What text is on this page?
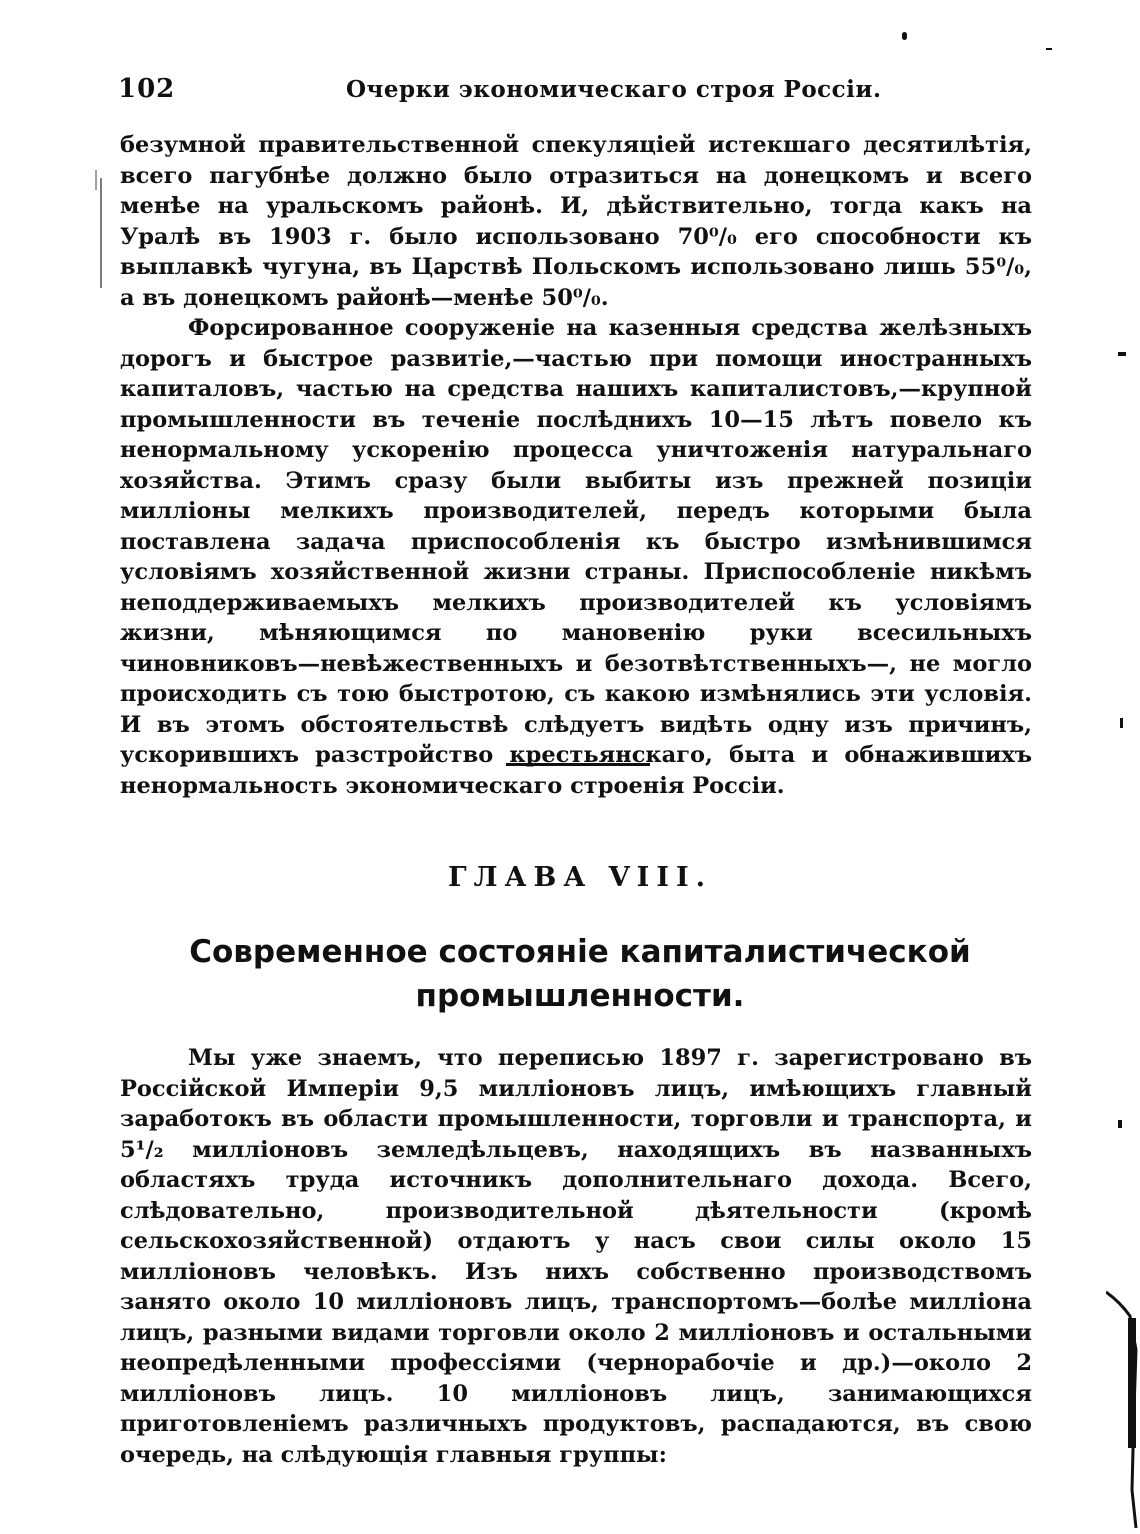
102	Очерки экономическаго строя Россіи.

безумной правительственной спекуляціей истекшаго десятилѣтія, всего пагубнѣе должно было отразиться на донецкомъ и всего менѣе на уральскомъ районѣ. И, дѣйствительно, тогда какъ на Уралѣ въ 1903 г. было использовано 70⁰/₀ его способности къ выплавкѣ чугуна, въ Царствѣ Польскомъ использовано лишь 55⁰/₀, а въ донецкомъ районѣ—менѣе 50⁰/₀.

Форсированное сооруженіе на казенныя средства желѣзныхъ дорогъ и быстрое развитіе,—частью при помощи иностранныхъ капиталовъ, частью на средства нашихъ капиталистовъ,—крупной промышленности въ теченіе послѣднихъ 10—15 лѣтъ повело къ ненормальному ускоренію процесса уничтоженія натуральнаго хозяйства. Этимъ сразу были выбиты изъ прежней позиціи милліоны мелкихъ производителей, передъ которыми была поставлена задача приспособленія къ быстро измѣнившимся условіямъ хозяйственной жизни страны. Приспособленіе никѣмъ неподдерживаемыхъ мелкихъ производителей къ условіямъ жизни, мѣняющимся по мановенію руки всесильныхъ чиновниковъ—невѣжественныхъ и безотвѣтственныхъ—, не могло происходить съ тою быстротою, съ какою измѣнялись эти условія. И въ этомъ обстоятельствѣ слѣдуетъ видѣть одну изъ причинъ, ускорившихъ разстройство крестьянскаго, быта и обнажившихъ ненормальность экономическаго строенія Россіи.

ГЛАВА VIII.
Современное состояніе капиталистической промышленности.

Мы уже знаемъ, что переписью 1897 г. зарегистровано въ Россійской Имперіи 9,5 милліоновъ лицъ, имѣющихъ главный заработокъ въ области промышленности, торговли и транспорта, и 5¹/₂ милліоновъ земледѣльцевъ, находящихъ въ названныхъ областяхъ труда источникъ дополнительнаго дохода. Всего, слѣдовательно, производительной дѣятельности (кромѣ сельскохозяйственной) отдаютъ у насъ свои силы около 15 милліоновъ человѣкъ. Изъ нихъ собственно производствомъ занято около 10 милліоновъ лицъ, транспортомъ—болѣе милліона лицъ, разными видами торговли около 2 милліоновъ и остальными неопредѣленными профессіями (чернорабочіе и др.)—около 2 милліоновъ лицъ. 10 милліоновъ лицъ, занимающихся приготовленіемъ различныхъ продуктовъ, распадаются, въ свою очередь, на слѣдующія главныя группы:
